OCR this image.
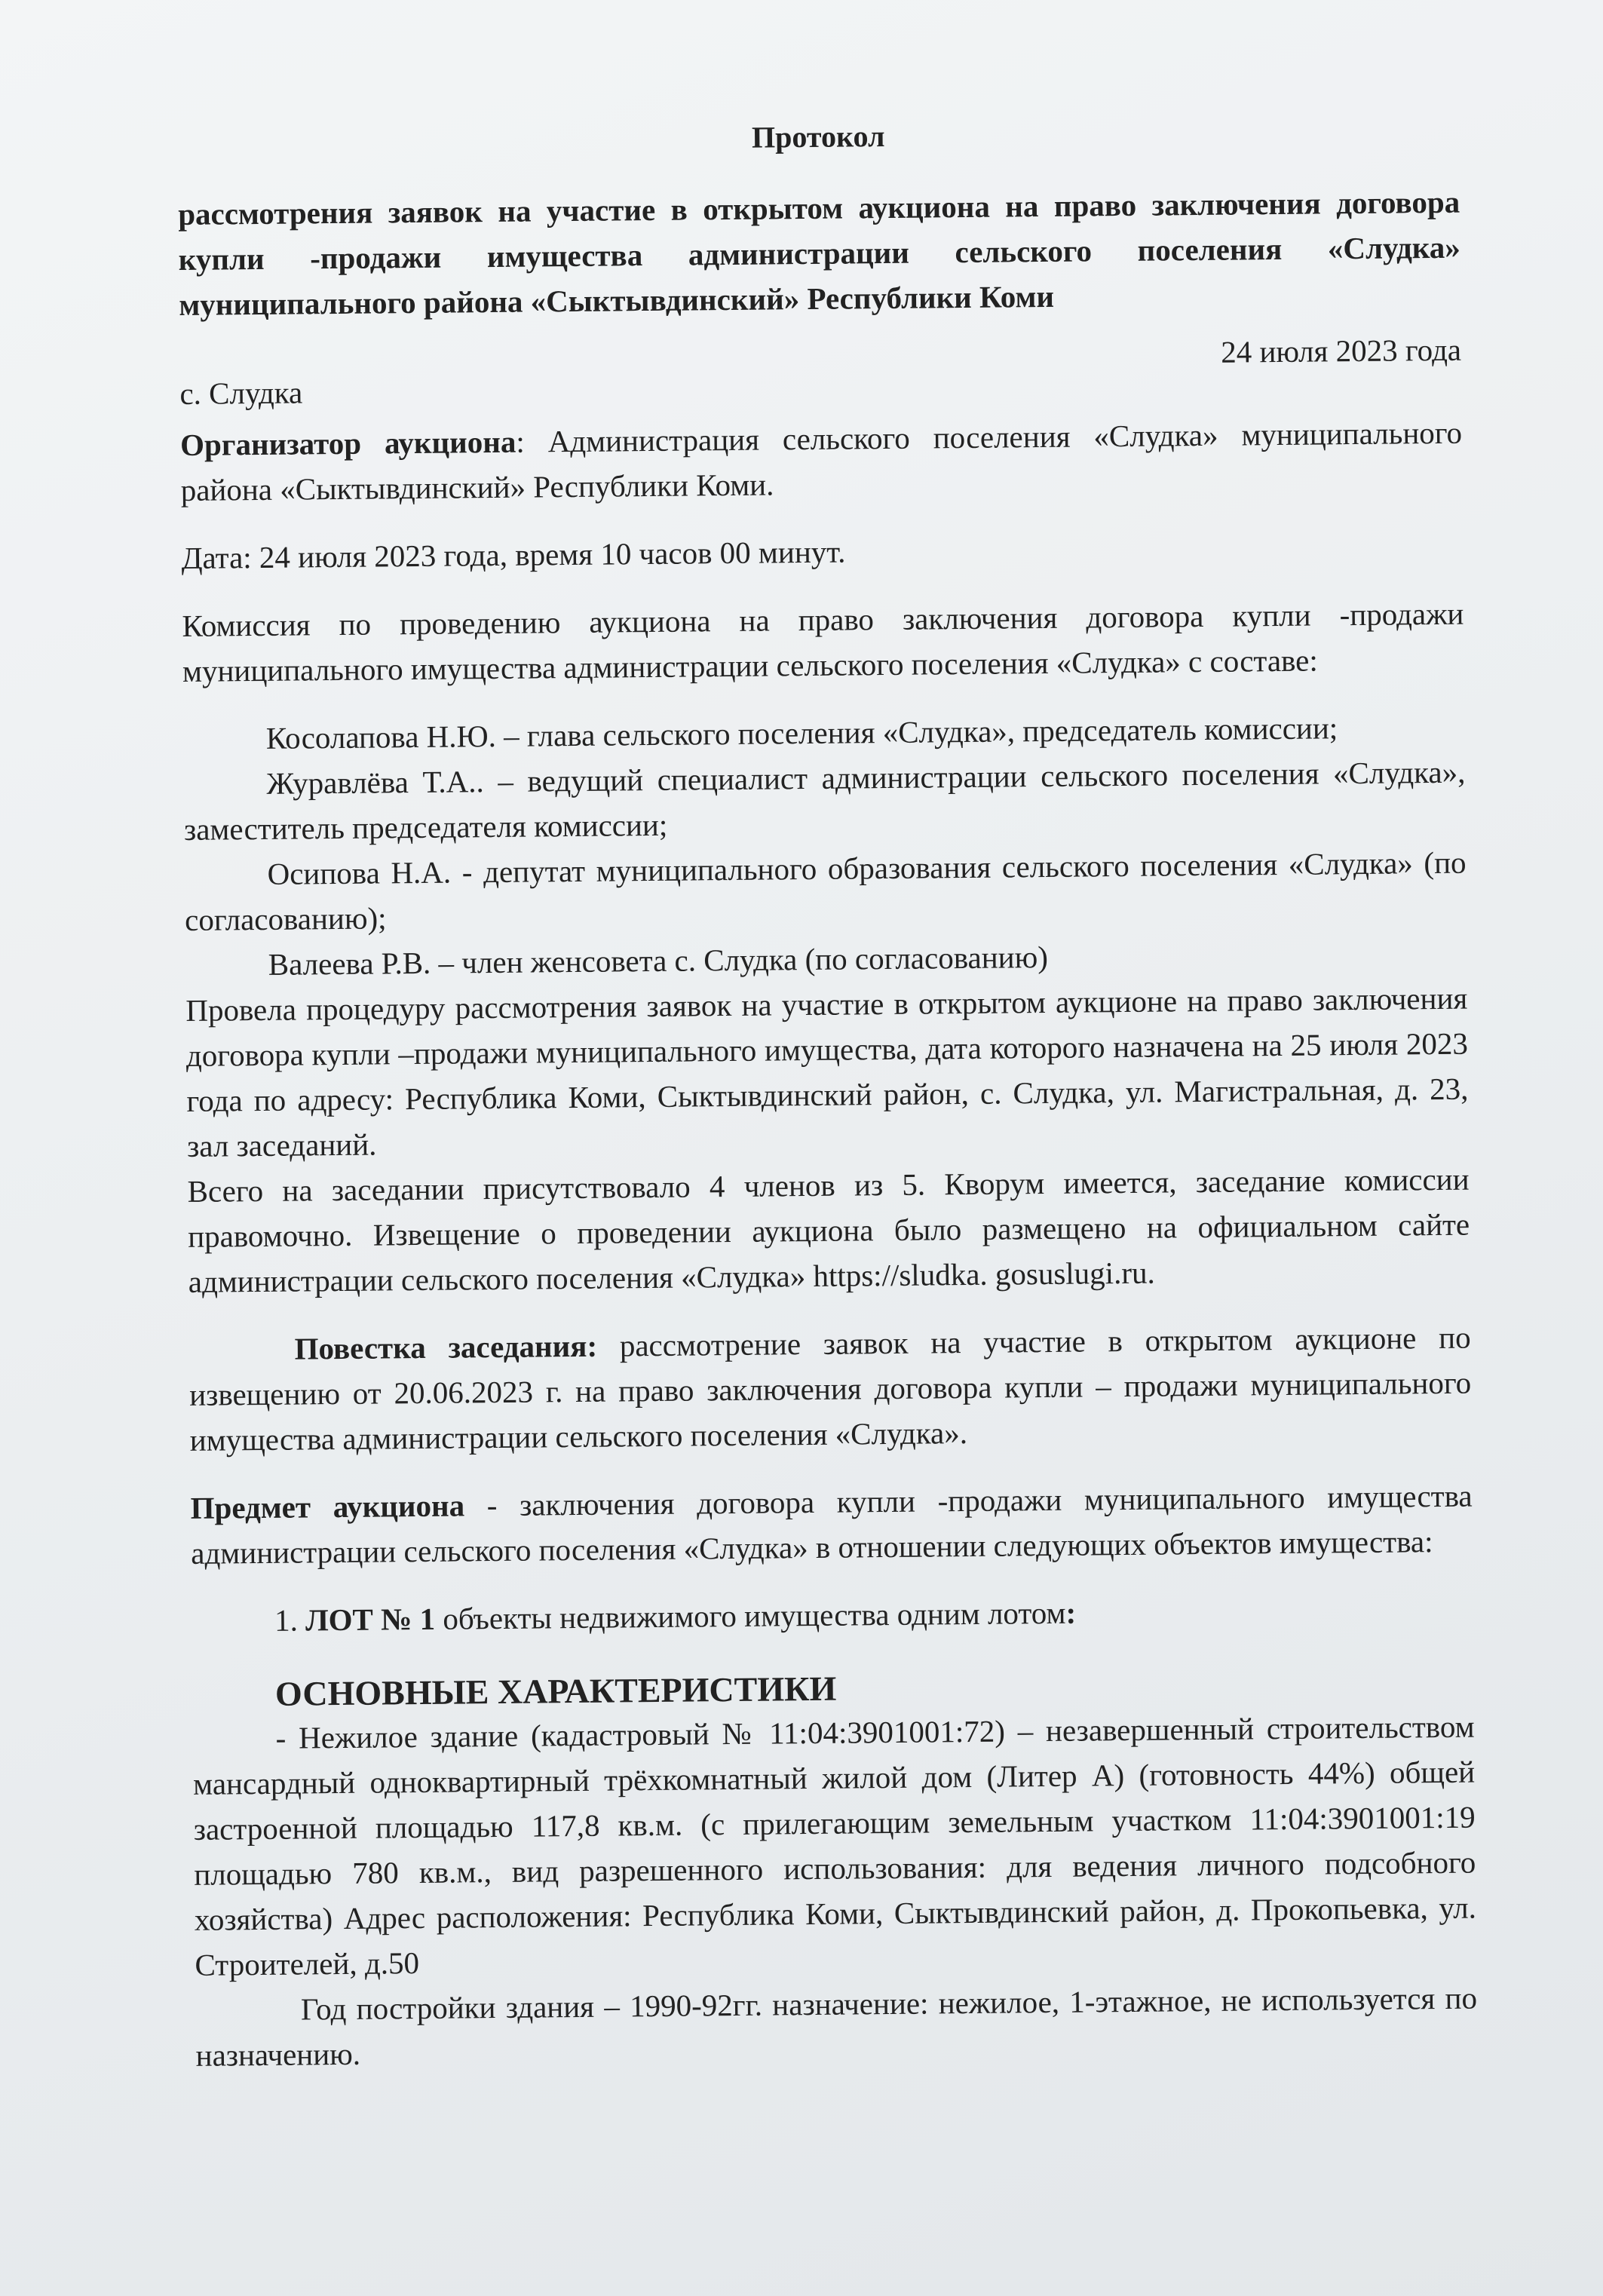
Протокол

рассмотрения заявок на участие в открытом аукциона на право заключения договора купли -продажи имущества администрации сельского поселения «Слудка» муниципального района «Сыктывдинский» Республики Коми

с. Слудка
24 июля 2023 года

Организатор аукциона: Администрация сельского поселения «Слудка» муниципального района «Сыктывдинский» Республики Коми.

Дата: 24 июля 2023 года, время 10 часов 00 минут.

Комиссия по проведению аукциона на право заключения договора купли -продажи муниципального имущества администрации сельского поселения «Слудка» с составе:

Косолапова Н.Ю. – глава сельского поселения «Слудка», председатель комиссии;

Журавлёва Т.А.. – ведущий специалист администрации сельского поселения «Слудка», заместитель председателя комиссии;

Осипова Н.А. - депутат муниципального образования сельского поселения «Слудка» (по согласованию);

Валеева Р.В. – член женсовета с. Слудка (по согласованию)

Провела процедуру рассмотрения заявок на участие в открытом аукционе на право заключения договора купли –продажи муниципального имущества, дата которого назначена на 25 июля 2023 года по адресу: Республика Коми, Сыктывдинский район, с. Слудка, ул. Магистральная, д. 23, зал заседаний.

Всего на заседании присутствовало 4 членов из 5. Кворум имеется, заседание комиссии правомочно. Извещение о проведении аукциона было размещено на официальном сайте администрации сельского поселения «Слудка» https://sludka. gosuslugi.ru.

Повестка заседания: рассмотрение заявок на участие в открытом аукционе по извещению от 20.06.2023 г. на право заключения договора купли – продажи муниципального имущества администрации сельского поселения «Слудка».

Предмет аукциона - заключения договора купли -продажи муниципального имущества администрации сельского поселения «Слудка» в отношении следующих объектов имущества:

1. ЛОТ № 1 объекты недвижимого имущества одним лотом:

ОСНОВНЫЕ ХАРАКТЕРИСТИКИ

- Нежилое здание (кадастровый № 11:04:3901001:72) – незавершенный строительством мансардный одноквартирный трёхкомнатный жилой дом (Литер А) (готовность 44%) общей застроенной площадью 117,8 кв.м. (с прилегающим земельным участком 11:04:3901001:19 площадью 780 кв.м., вид разрешенного использования: для ведения личного подсобного хозяйства) Адрес расположения: Республика Коми, Сыктывдинский район, д. Прокопьевка, ул. Строителей, д.50

Год постройки здания – 1990-92гг. назначение: нежилое, 1-этажное, не используется по назначению.
